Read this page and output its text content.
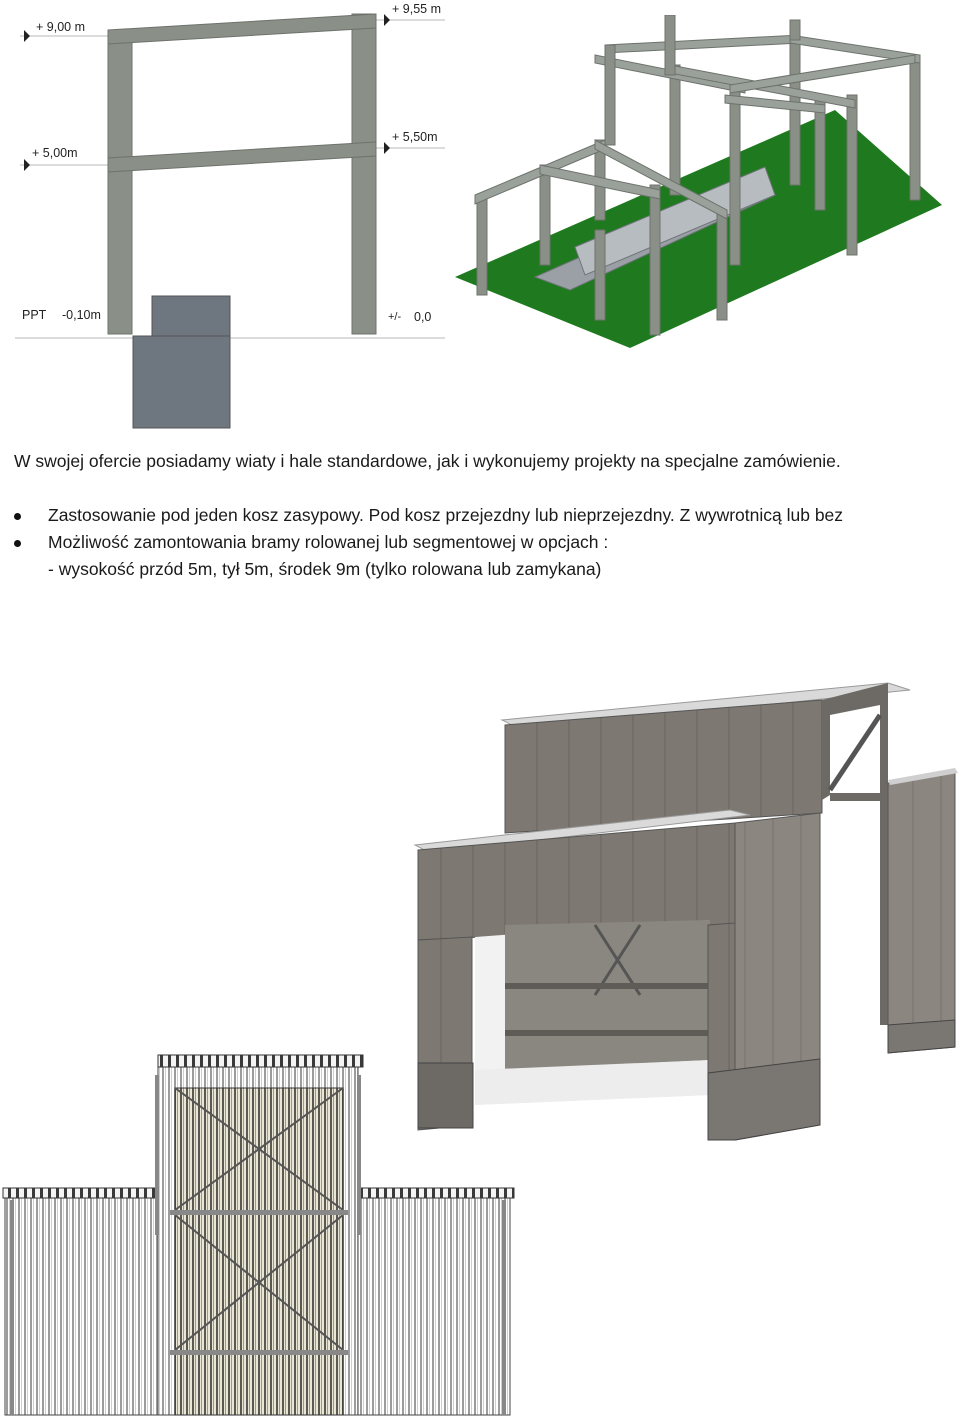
+ 9,00 m
+ 9,55 m
+ 5,00m
+ 5,50m
PPT -0,10m	+/- 0,0

W swojej ofercie posiadamy wiaty i hale standardowe, jak i wykonujemy projekty na specjalne zamówienie.

Zastosowanie pod jeden kosz zasypowy. Pod kosz przejezdny lub nieprzejezdny. Z wywrotnicą lub bez
Możliwość zamontowania bramy rolowanej lub segmentowej w opcjach :
- wysokość przód 5m, tył 5m, środek 9m (tylko rolowana lub zamykana)
